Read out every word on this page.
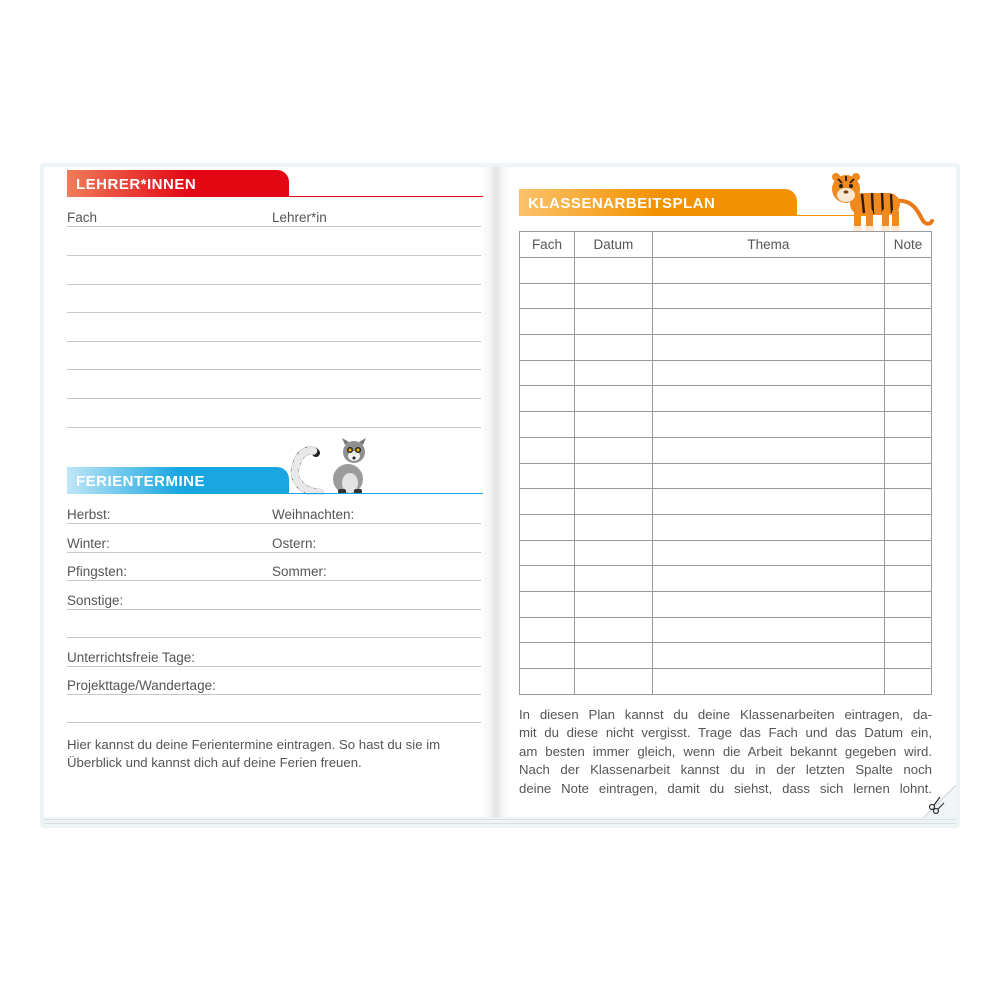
LEHRER*INNEN
Fach	Lehrer*in
FERIENTERMINE
Herbst:	Weihnachten:
Winter:	Ostern:
Pfingsten:	Sommer:
Sonstige:
Unterrichtsfreie Tage:
Projekttage/Wandertage:
Hier kannst du deine Ferientermine eintragen. So hast du sie im Überblick und kannst dich auf deine Ferien freuen.
KLASSENARBEITSPLAN
Fach	Datum	Thema	Note

In diesen Plan kannst du deine Klassenarbeiten eintragen, da-
mit du diese nicht vergisst. Trage das Fach und das Datum ein,
am besten immer gleich, wenn die Arbeit bekannt gegeben wird.
Nach der Klassenarbeit kannst du in der letzten Spalte noch
deine Note eintragen, damit du siehst, dass sich lernen lohnt.
